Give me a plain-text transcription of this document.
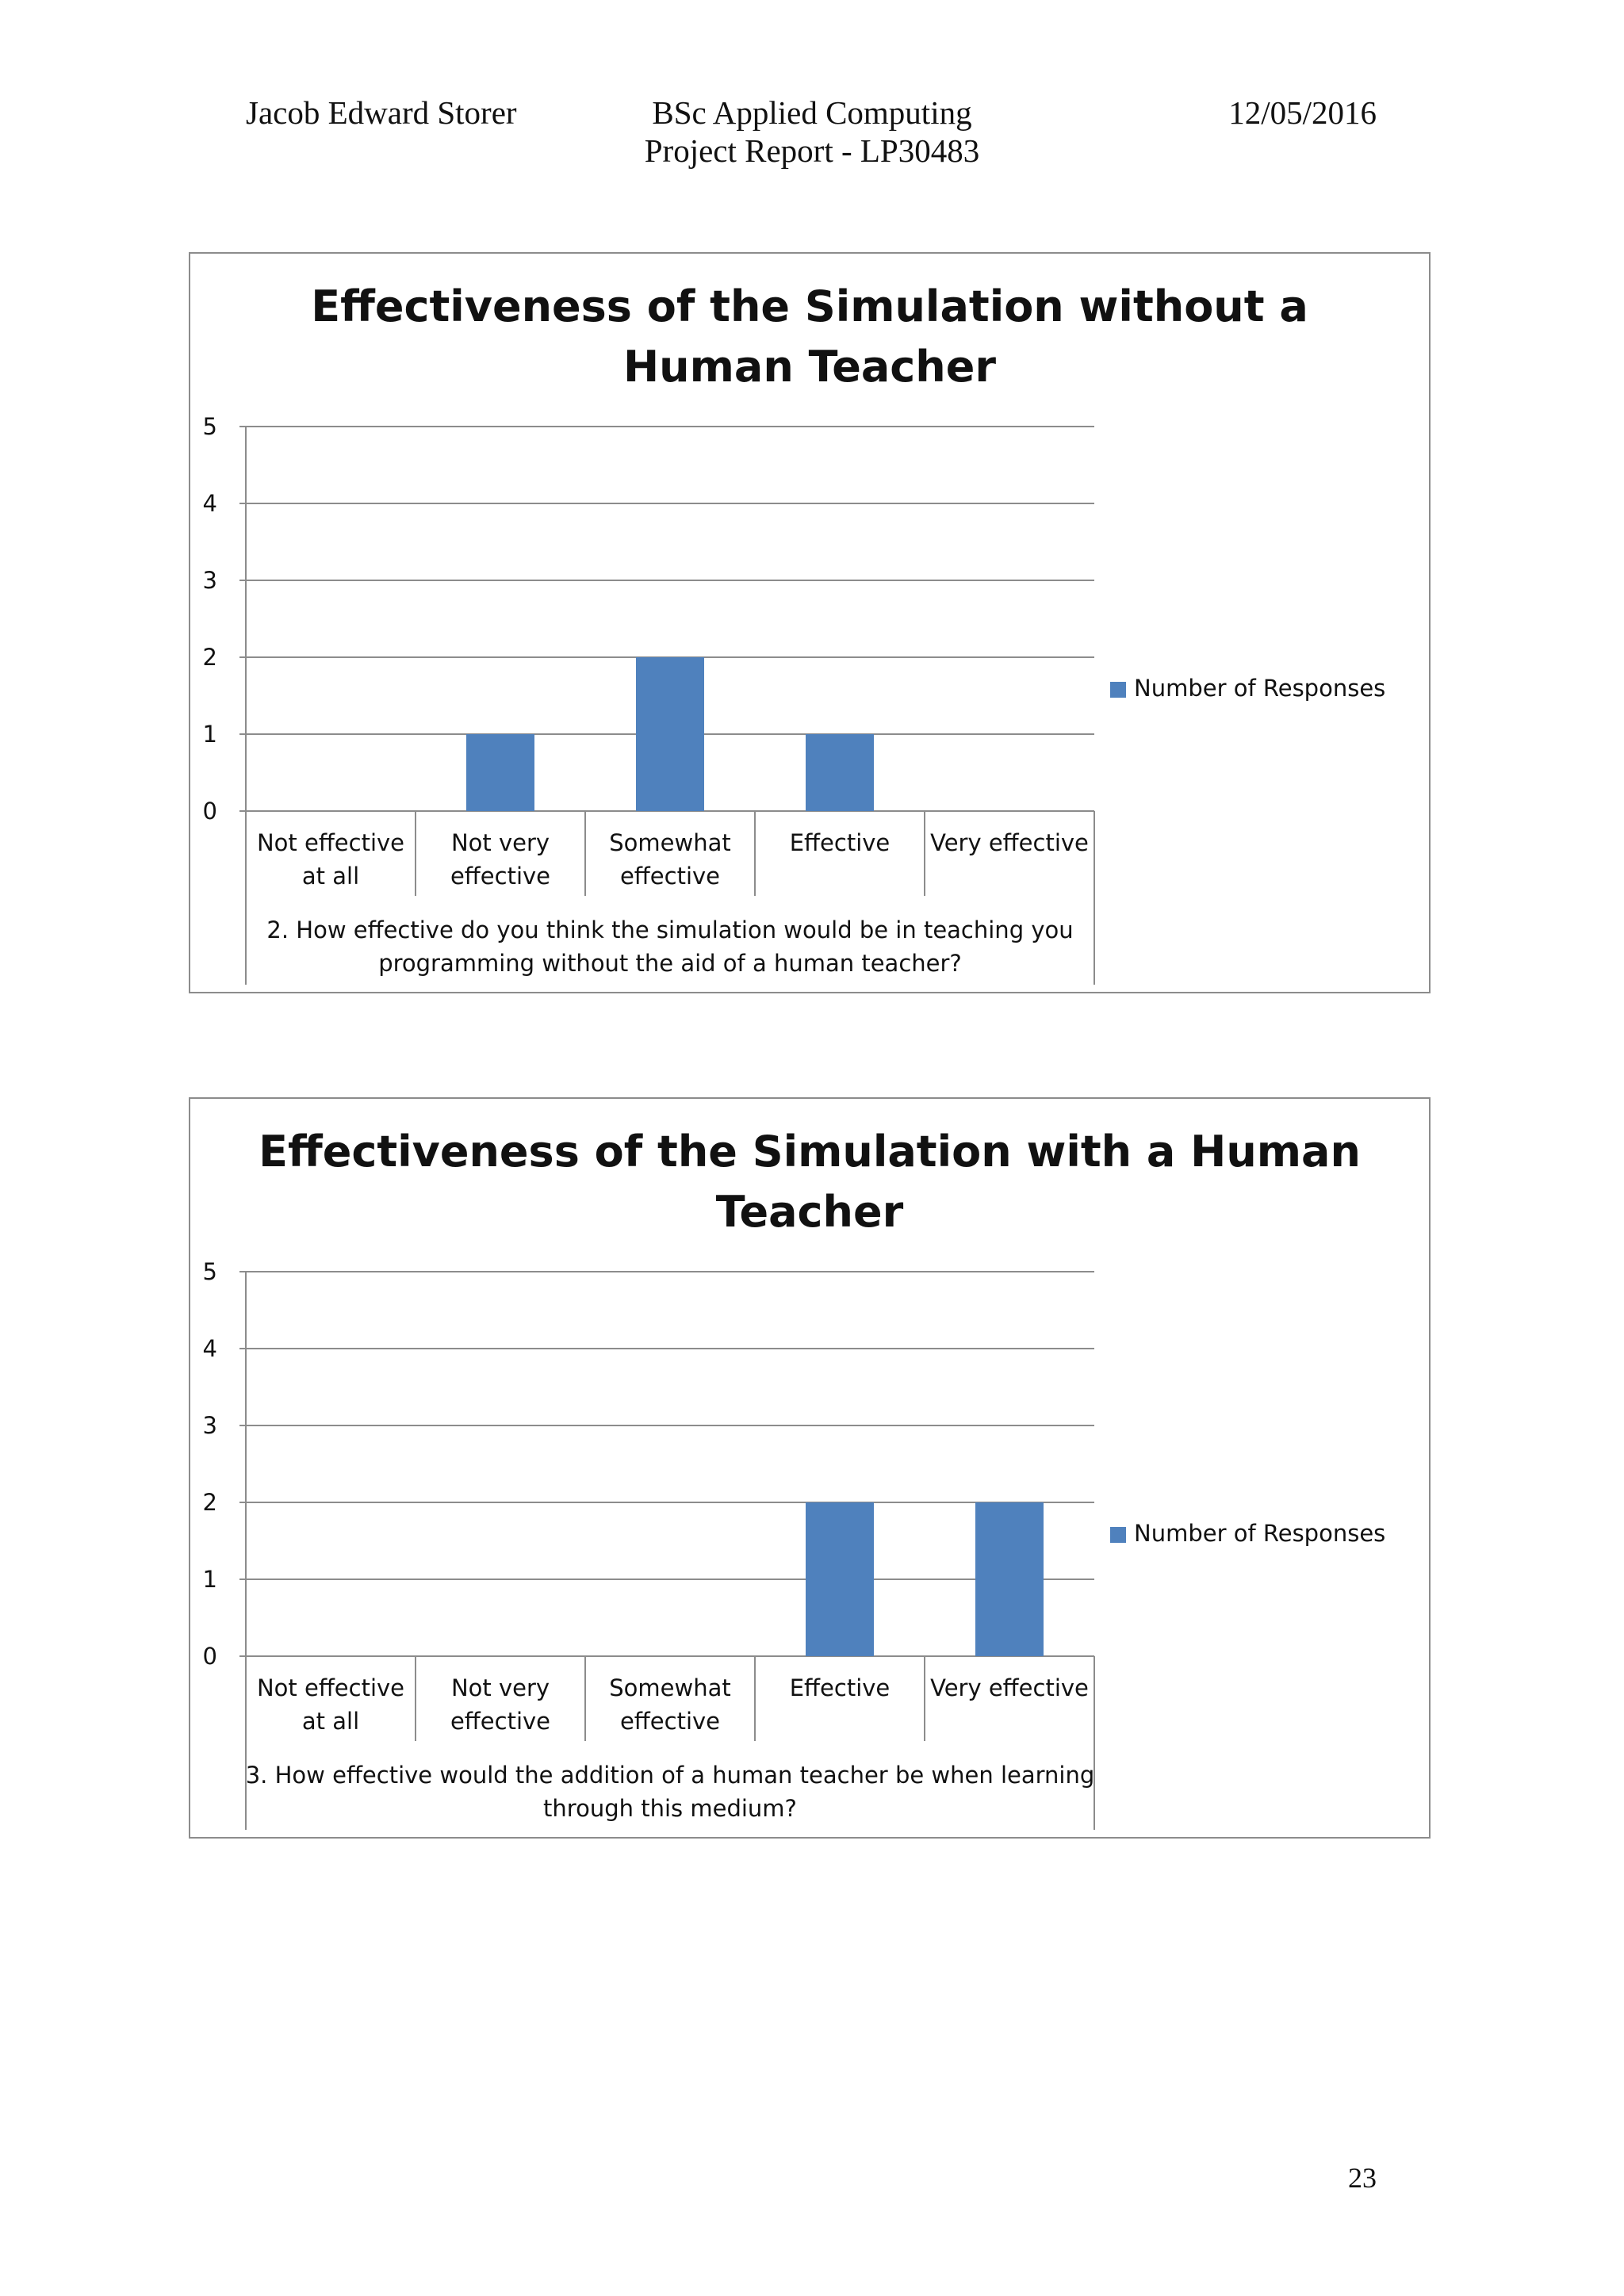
Jacob Edward Storer	BSc Applied Computing
Project Report - LP30483
12/05/2016
Effectiveness of the Simulation without a Human Teacher
0
1
2
3
4
5
Not effective at all
Not very effective
Somewhat effective
Effective Very effective
2. How effective do you think the simulation would be in teaching you programming without the aid of a human teacher?
Number of Responses
Effectiveness of the Simulation with a Human Teacher
0
1
2
3
4
5
Not effective at all
Not very effective
Somewhat effective
Effective Very effective
3. How effective would the addition of a human teacher be when learning through this medium?
Number of Responses
23
